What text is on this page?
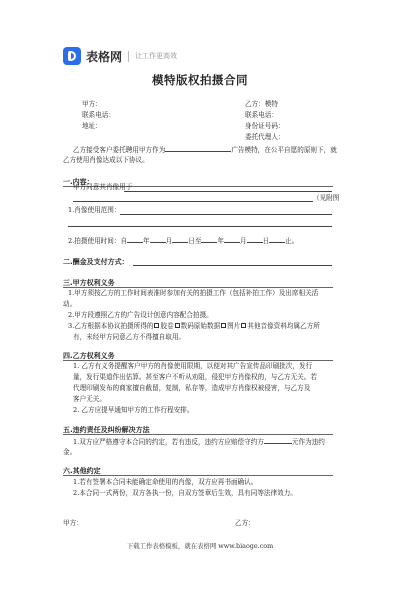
表格网 让工作更高效
模特版权拍摄合同
甲方：
联系电话：
地址：
乙方：模特
联系电话：
身份证号码：
委托代理人：
乙方接受客户委托聘用甲方作为	广告模特，在公平自愿的原则下，就
乙方使用肖像达成以下协议。
一.内容：
甲方同意其肖像用于
（见附图
1.肖像使用范围：
2.拍摄使用时间：自 年 月 日至 年 月 日 止。
二.酬金及支付方式：
三.甲方权利义务
1.甲方须按乙方的工作时间表准时参加有关的拍摄工作（包括补拍工作）及出席相关活
动。
2.甲方段遵照乙方的广告设计创意内容配合拍摄。
3.乙方根据本协议拍摄所得的 胶卷 数码原始数据 图片 其他音像资料均属乙方所
有，未经甲方同意乙方不得擅自取用。
四.乙方权利义务
1. 乙方有义务提醒客户甲方的肖像使用限期，以便对其广告宣传品印刷批次，发行
量，发行渠道作出估算。甚至客户不听从劝阻，侵犯甲方肖像权的，与乙方无关。若
代理印刷发布的商家擅自截留，复制，私存等，造成甲方肖像权被侵害，与乙方及
客户无关。
2. 乙方应提早通知甲方的工作行程安排。
五.违约责任及纠纷解决方法
1.双方应严格遵守本合同的约定，若有违反，违约方应赔偿守约方	元作为违约
金。
六.其他约定
1.若有签署本合同未能确定命使用的肖像，双方应再书面确认。
2.本合同一式两份，双方各执一份，自双方签章后生效，具有同等法律效力。
甲方：	乙方：
下载工作表格模板，就在表格网 www.biaoge.com
